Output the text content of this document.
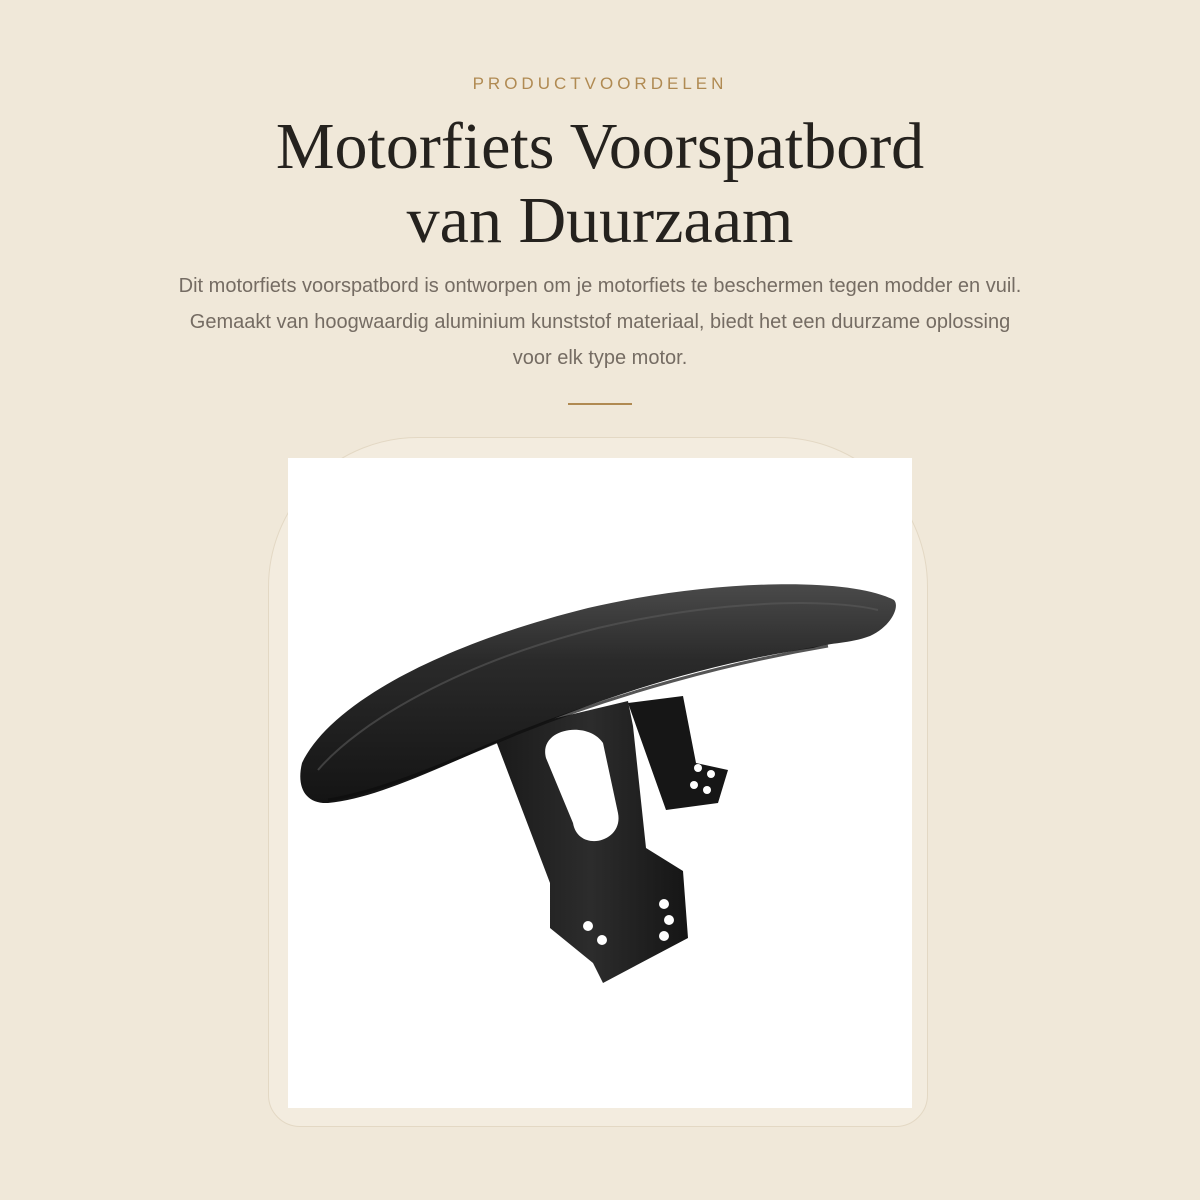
PRODUCTVOORDELEN

Motorfiets Voorspatbord
van Duurzaam

Dit motorfiets voorspatbord is ontworpen om je motorfiets te beschermen tegen modder en vuil. Gemaakt van hoogwaardig aluminium kunststof materiaal, biedt het een duurzame oplossing voor elk type motor.
